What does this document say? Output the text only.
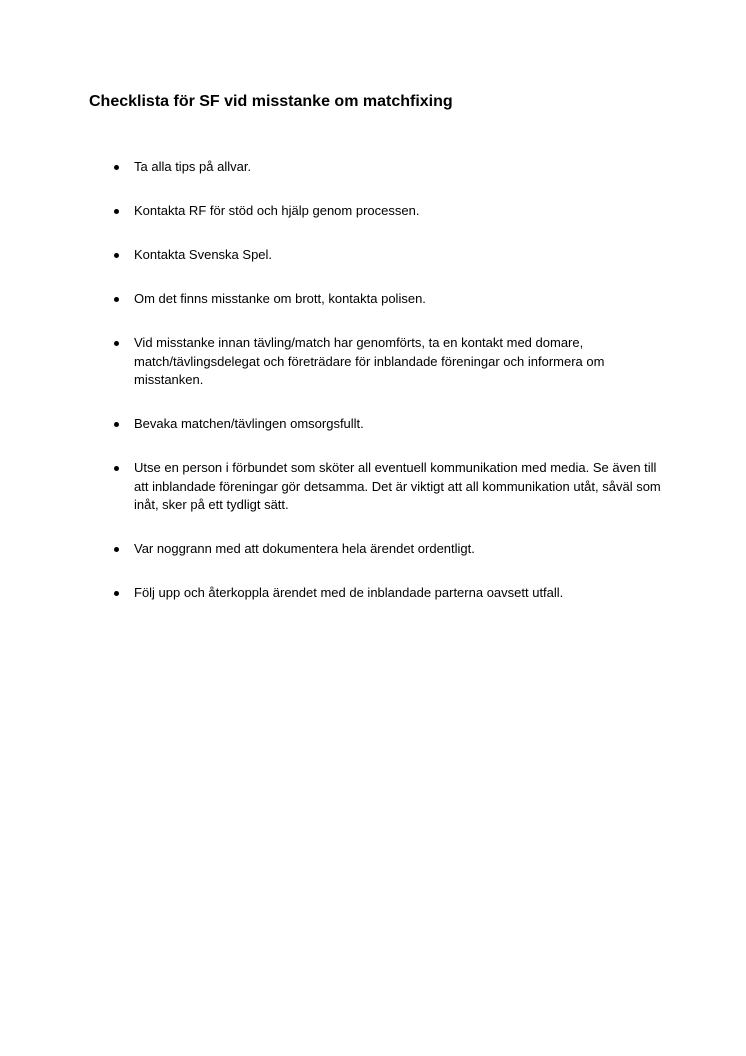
Checklista för SF vid misstanke om matchfixing
Ta alla tips på allvar.
Kontakta RF för stöd och hjälp genom processen.
Kontakta Svenska Spel.
Om det finns misstanke om brott, kontakta polisen.
Vid misstanke innan tävling/match har genomförts, ta en kontakt med domare, match/tävlingsdelegat och företrädare för inblandade föreningar och informera om misstanken.
Bevaka matchen/tävlingen omsorgsfullt.
Utse en person i förbundet som sköter all eventuell kommunikation med media. Se även till att inblandade föreningar gör detsamma. Det är viktigt att all kommunikation utåt, såväl som inåt, sker på ett tydligt sätt.
Var noggrann med att dokumentera hela ärendet ordentligt.
Följ upp och återkoppla ärendet med de inblandade parterna oavsett utfall.
